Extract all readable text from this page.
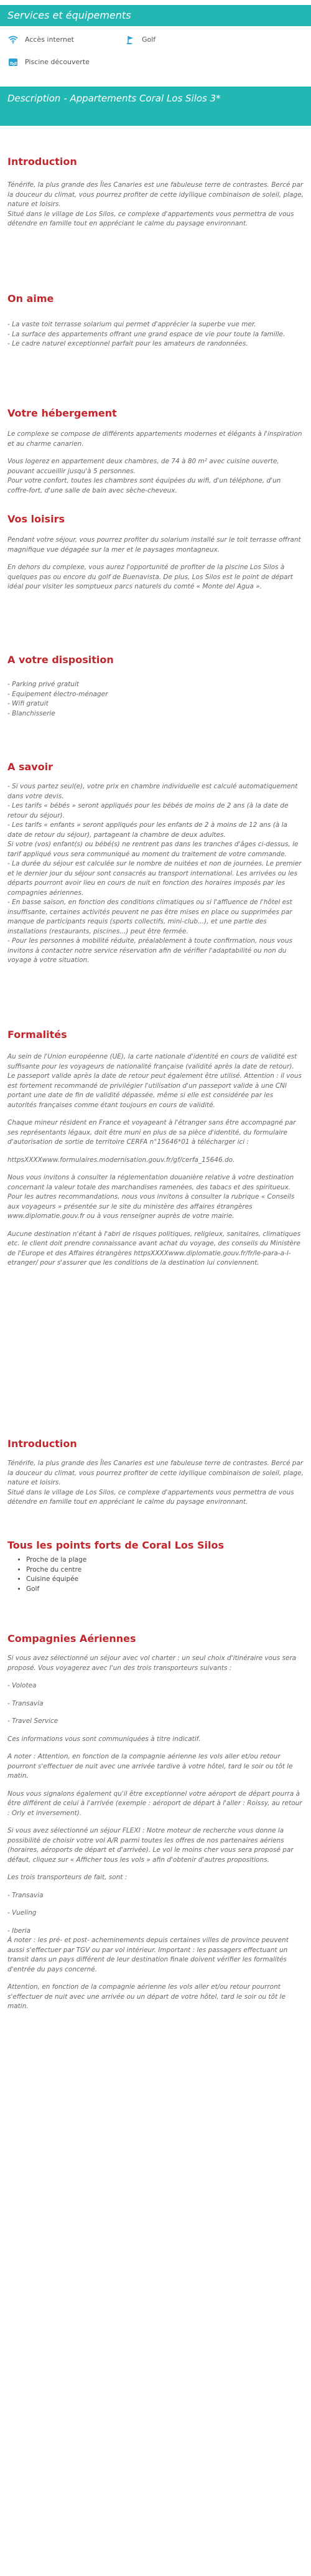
Services et équipements
Accès internet	Golf
Piscine découverte
Description - Appartements Coral Los Silos 3*
Introduction

Ténérife, la plus grande des Îles Canaries est une fabuleuse terre de contrastes. Bercé par la douceur du climat, vous pourrez profiter de cette idyllique combinaison de soleil, plage, nature et loisirs.
Situé dans le village de Los Silos, ce complexe d'appartements vous permettra de vous détendre en famille tout en appréciant le calme du paysage environnant.

On aime

- La vaste toit terrasse solarium qui permet d'apprécier la superbe vue mer.
- La surface des appartements offrant une grand espace de vie pour toute la famille.
- Le cadre naturel exceptionnel parfait pour les amateurs de randonnées.

Votre hébergement

Le complexe se compose de différents appartements modernes et élégants à l'inspiration et au charme canarien.

Vous logerez en appartement deux chambres, de 74 à 80 m² avec cuisine ouverte, pouvant accueillir jusqu'à 5 personnes.
Pour votre confort, toutes les chambres sont équipées du wifi, d'un téléphone, d'un coffre-fort, d'une salle de bain avec sèche-cheveux.

Vos loisirs

Pendant votre séjour, vous pourrez profiter du solarium installé sur le toit terrasse offrant magnifique vue dégagée sur la mer et le paysages montagneux.

En dehors du complexe, vous aurez l'opportunité de profiter de la piscine Los Silos à quelques pas ou encore du golf de Buenavista. De plus, Los Silos est le point de départ idéal pour visiter les somptueux parcs naturels du comté « Monte del Agua ».

A votre disposition

- Parking privé gratuit
- Equipement électro-ménager
- Wifi gratuit
- Blanchisserie

A savoir

- Si vous partez seul(e), votre prix en chambre individuelle est calculé automatiquement dans votre devis.
- Les tarifs « bébés » seront appliqués pour les bébés de moins de 2 ans (à la date de retour du séjour).
- Les tarifs « enfants » seront appliqués pour les enfants de 2 à moins de 12 ans (à la date de retour du séjour), partageant la chambre de deux adultes.
Si votre (vos) enfant(s) ou bébé(s) ne rentrent pas dans les tranches d'âges ci-dessus, le tarif appliqué vous sera communiqué au moment du traitement de votre commande.
- La durée du séjour est calculée sur le nombre de nuitées et non de journées. Le premier et le dernier jour du séjour sont consacrés au transport international. Les arrivées ou les départs pourront avoir lieu en cours de nuit en fonction des horaires imposés par les compagnies aériennes.
- En basse saison, en fonction des conditions climatiques ou si l'affluence de l'hôtel est insuffisante, certaines activités peuvent ne pas être mises en place ou supprimées par manque de participants requis (sports collectifs, mini-club...), et une partie des installations (restaurants, piscines...) peut être fermée.
- Pour les personnes à mobilité réduite, préalablement à toute confirmation, nous vous invitons à contacter notre service réservation afin de vérifier l'adaptabilité ou non du voyage à votre situation.

Formalités

Au sein de l'Union européenne (UE), la carte nationale d'identité en cours de validité est suffisante pour les voyageurs de nationalité française (validité après la date de retour). Le passeport valide après la date de retour peut également être utilisé. Attention : il vous est fortement recommandé de privilégier l'utilisation d'un passeport valide à une CNI portant une date de fin de validité dépassée, même si elle est considérée par les autorités françaises comme étant toujours en cours de validité.

Chaque mineur résident en France et voyageant à l'étranger sans être accompagné par ses représentants légaux, doit être muni en plus de sa pièce d'identité, du formulaire d'autorisation de sortie de territoire CERFA n°15646*01 à télécharger ici :

httpsXXXXwww.formulaires.modernisation.gouv.fr/gf/cerfa_15646.do.

Nous vous invitons à consulter la réglementation douanière relative à votre destination concernant la valeur totale des marchandises ramenées, des tabacs et des spiritueux.
Pour les autres recommandations, nous vous invitons à consulter la rubrique « Conseils aux voyageurs » présentée sur le site du ministère des affaires étrangères www.diplomatie.gouv.fr ou à vous renseigner auprès de votre mairie.

Aucune destination n'étant à l'abri de risques politiques, religieux, sanitaires, climatiques etc. le client doit prendre connaissance avant achat du voyage, des conseils du Ministère de l'Europe et des Affaires étrangères httpsXXXXwww.diplomatie.gouv.fr/fr/le-para-a-l-etranger/ pour s'assurer que les conditions de la destination lui conviennent.

Introduction

Ténérife, la plus grande des Îles Canaries est une fabuleuse terre de contrastes. Bercé par la douceur du climat, vous pourrez profiter de cette idyllique combinaison de soleil, plage, nature et loisirs.
Situé dans le village de Los Silos, ce complexe d'appartements vous permettra de vous détendre en famille tout en appréciant le calme du paysage environnant.

Tous les points forts de Coral Los Silos
• Proche de la plage
• Proche du centre
• Cuisine équipée
• Golf
Compagnies Aériennes

Si vous avez sélectionné un séjour avec vol charter : un seul choix d'itinéraire vous sera proposé. Vous voyagerez avec l'un des trois transporteurs suivants :

- Volotea

- Transavia

- Travel Service

Ces informations vous sont communiquées à titre indicatif.

A noter : Attention, en fonction de la compagnie aérienne les vols aller et/ou retour pourront s'effectuer de nuit avec une arrivée tardive à votre hôtel, tard le soir ou tôt le matin.

Nous vous signalons également qu'il être exceptionnel votre aéroport de départ pourra à être différent de celui à l'arrivée (exemple : aéroport de départ à l'aller : Roissy, au retour : Orly et inversement).

Si vous avez sélectionné un séjour FLEXI : Notre moteur de recherche vous donne la possibilité de choisir votre vol A/R parmi toutes les offres de nos partenaires aériens (horaires, aéroports de départ et d'arrivée). Le vol le moins cher vous sera proposé par défaut, cliquez sur « Afficher tous les vols » afin d'obtenir d'autres propositions.

Les trois transporteurs de fait, sont :

- Transavia

- Vueling

- Iberia
À noter : les pré- et post- acheminements depuis certaines villes de province peuvent aussi s'effectuer par TGV ou par vol intérieur. Important : les passagers effectuant un transit dans un pays différent de leur destination finale doivent vérifier les formalités d'entrée du pays concerné.

Attention, en fonction de la compagnie aérienne les vols aller et/ou retour pourront s'effectuer de nuit avec une arrivée ou un départ de votre hôtel, tard le soir ou tôt le matin.
